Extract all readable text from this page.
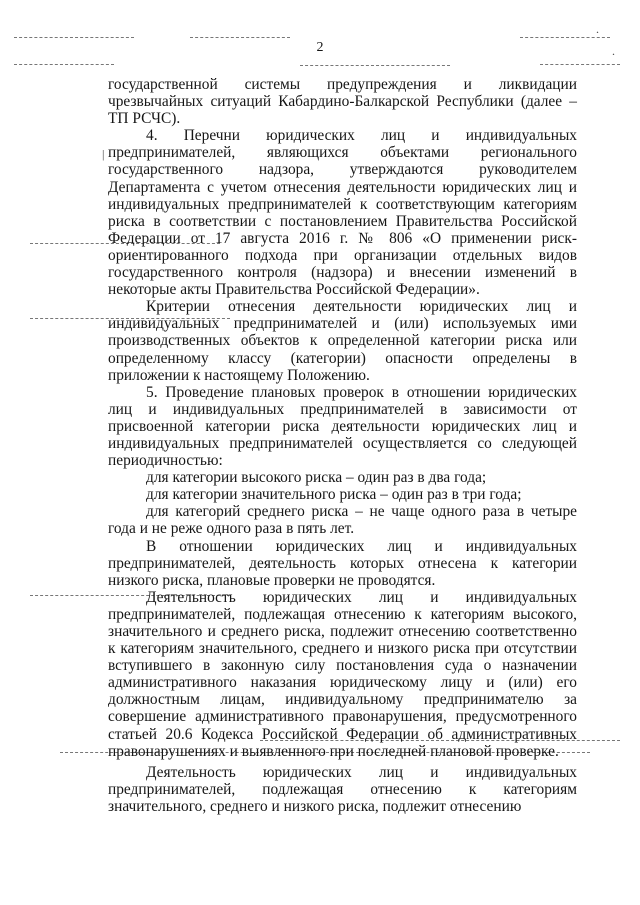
.
|
.
2

государственной системы предупреждения и ликвидации чрезвычайных ситуаций Кабардино-Балкарской Республики (далее – ТП РСЧС).

4. Перечни юридических лиц и индивидуальных предпринимателей, являющихся объектами регионального государственного надзора, утверждаются руководителем Департамента с учетом отнесения деятельности юридических лиц и индивидуальных предпринимателей к соответствующим категориям риска в соответствии с постановлением Правительства Российской Федерации от 17 августа 2016 г. № 806 «О применении риск-ориентированного подхода при организации отдельных видов государственного контроля (надзора) и внесении изменений в некоторые акты Правительства Российской Федерации».

Критерии отнесения деятельности юридических лиц и индивидуальных предпринимателей и (или) используемых ими производственных объектов к определенной категории риска или определенному классу (категории) опасности определены в приложении к настоящему Положению.

5. Проведение плановых проверок в отношении юридических лиц и индивидуальных предпринимателей в зависимости от присвоенной категории риска деятельности юридических лиц и индивидуальных предпринимателей осуществляется со следующей периодичностью:

для категории высокого риска – один раз в два года;

для категории значительного риска – один раз в три года;

для категорий среднего риска – не чаще одного раза в четыре года и не реже одного раза в пять лет.

В отношении юридических лиц и индивидуальных предпринимателей, деятельность которых отнесена к категории низкого риска, плановые проверки не проводятся.

Деятельность юридических лиц и индивидуальных предпринимателей, подлежащая отнесению к категориям высокого, значительного и среднего риска, подлежит отнесению соответственно к категориям значительного, среднего и низкого риска при отсутствии вступившего в законную силу постановления суда о назначении административного наказания юридическому лицу и (или) его должностным лицам, индивидуальному предпринимателю за совершение административного правонарушения, предусмотренного статьей 20.6 Кодекса Российской Федерации об административных правонарушениях и выявленного при последней плановой проверке.

Деятельность юридических лиц и индивидуальных предпринимателей, подлежащая отнесению к категориям значительного, среднего и низкого риска, подлежит отнесению
